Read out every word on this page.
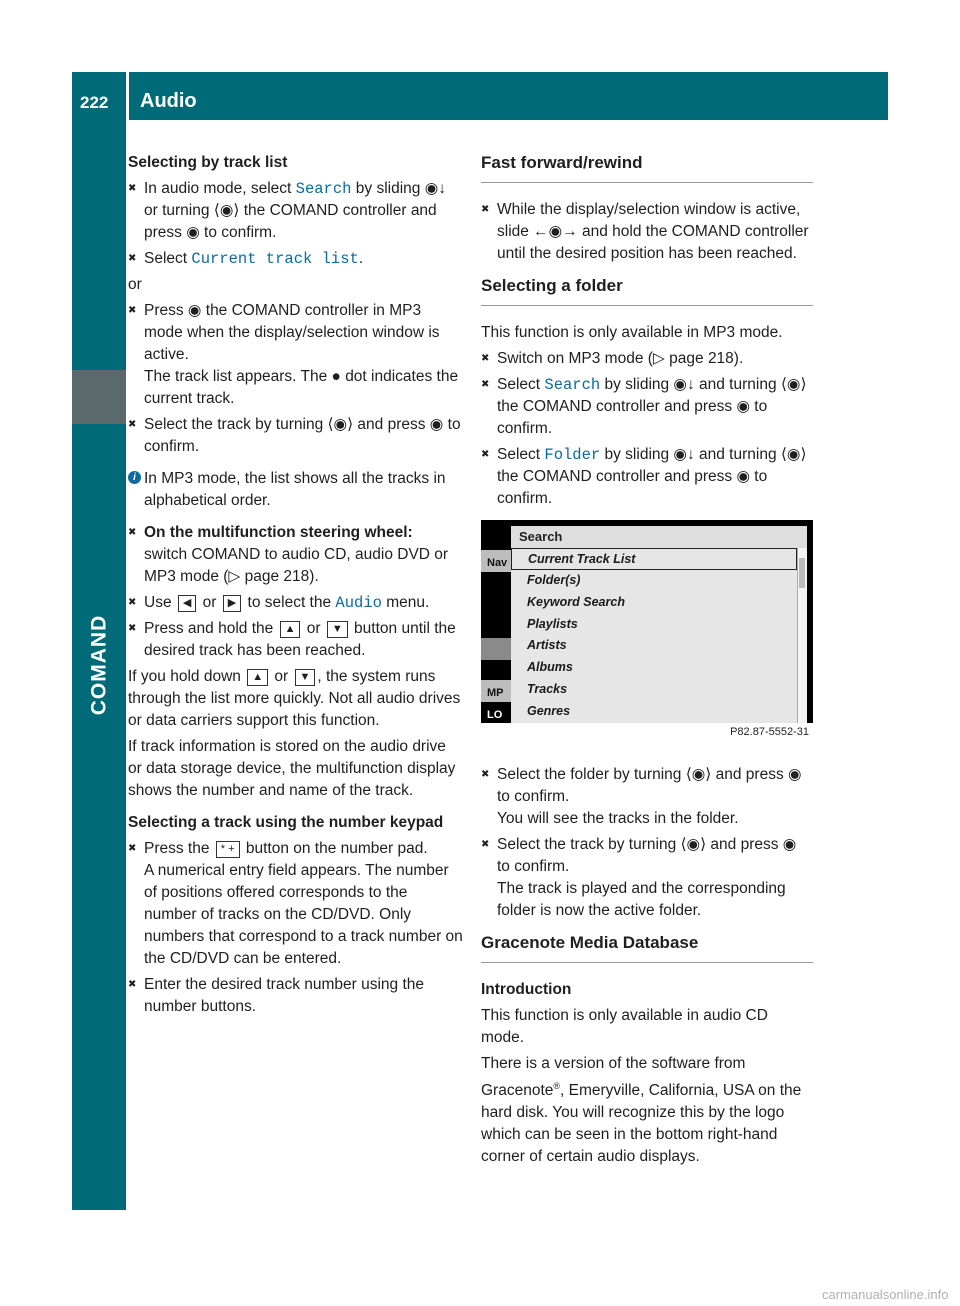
222 Audio
COMAND

Selecting by track list

✖ In audio mode, select Search by sliding ◉↓ or turning ⟨◉⟩ the COMAND controller and press ◉ to confirm.

✖ Select Current track list.

or

✖ Press ◉ the COMAND controller in MP3 mode when the display/selection window is active.
The track list appears. The ● dot indicates the current track.

✖ Select the track by turning ⟨◉⟩ and press ◉ to confirm.

i In MP3 mode, the list shows all the tracks in alphabetical order.

✖ On the multifunction steering wheel:
switch COMAND to audio CD, audio DVD or MP3 mode (▷ page 218).

✖ Use ◀ or ▶ to select the Audio menu.

✖ Press and hold the ▲ or ▼ button until the desired track has been reached.

If you hold down ▲ or ▼ , the system runs through the list more quickly. Not all audio drives or data carriers support this function.

If track information is stored on the audio drive or data storage device, the multifunction display shows the number and name of the track.

Selecting a track using the number keypad

✖ Press the * + button on the number pad.
A numerical entry field appears. The number of positions offered corresponds to the number of tracks on the CD/DVD. Only numbers that correspond to a track number on the CD/DVD can be entered.

✖ Enter the desired track number using the number buttons.

Fast forward/rewind

✖ While the display/selection window is active, slide ←◉→ and hold the COMAND controller until the desired position has been reached.

Selecting a folder

This function is only available in MP3 mode.

✖ Switch on MP3 mode (▷ page 218).

✖ Select Search by sliding ◉↓ and turning ⟨◉⟩ the COMAND controller and press ◉ to confirm.

✖ Select Folder by sliding ◉↓ and turning ⟨◉⟩ the COMAND controller and press ◉ to confirm.

Search
Nav
MP
LO
Current Track List
Folder(s)
Keyword Search
Playlists
Artists
Albums
Tracks
Genres
P82.87-5552-31

✖ Select the folder by turning ⟨◉⟩ and press ◉ to confirm.
You will see the tracks in the folder.

✖ Select the track by turning ⟨◉⟩ and press ◉ to confirm.
The track is played and the corresponding folder is now the active folder.

Gracenote Media Database

Introduction

This function is only available in audio CD mode.

There is a version of the software from Gracenote®, Emeryville, California, USA on the hard disk. You will recognize this by the logo which can be seen in the bottom right-hand corner of certain audio displays.

carmanualsonline.info
